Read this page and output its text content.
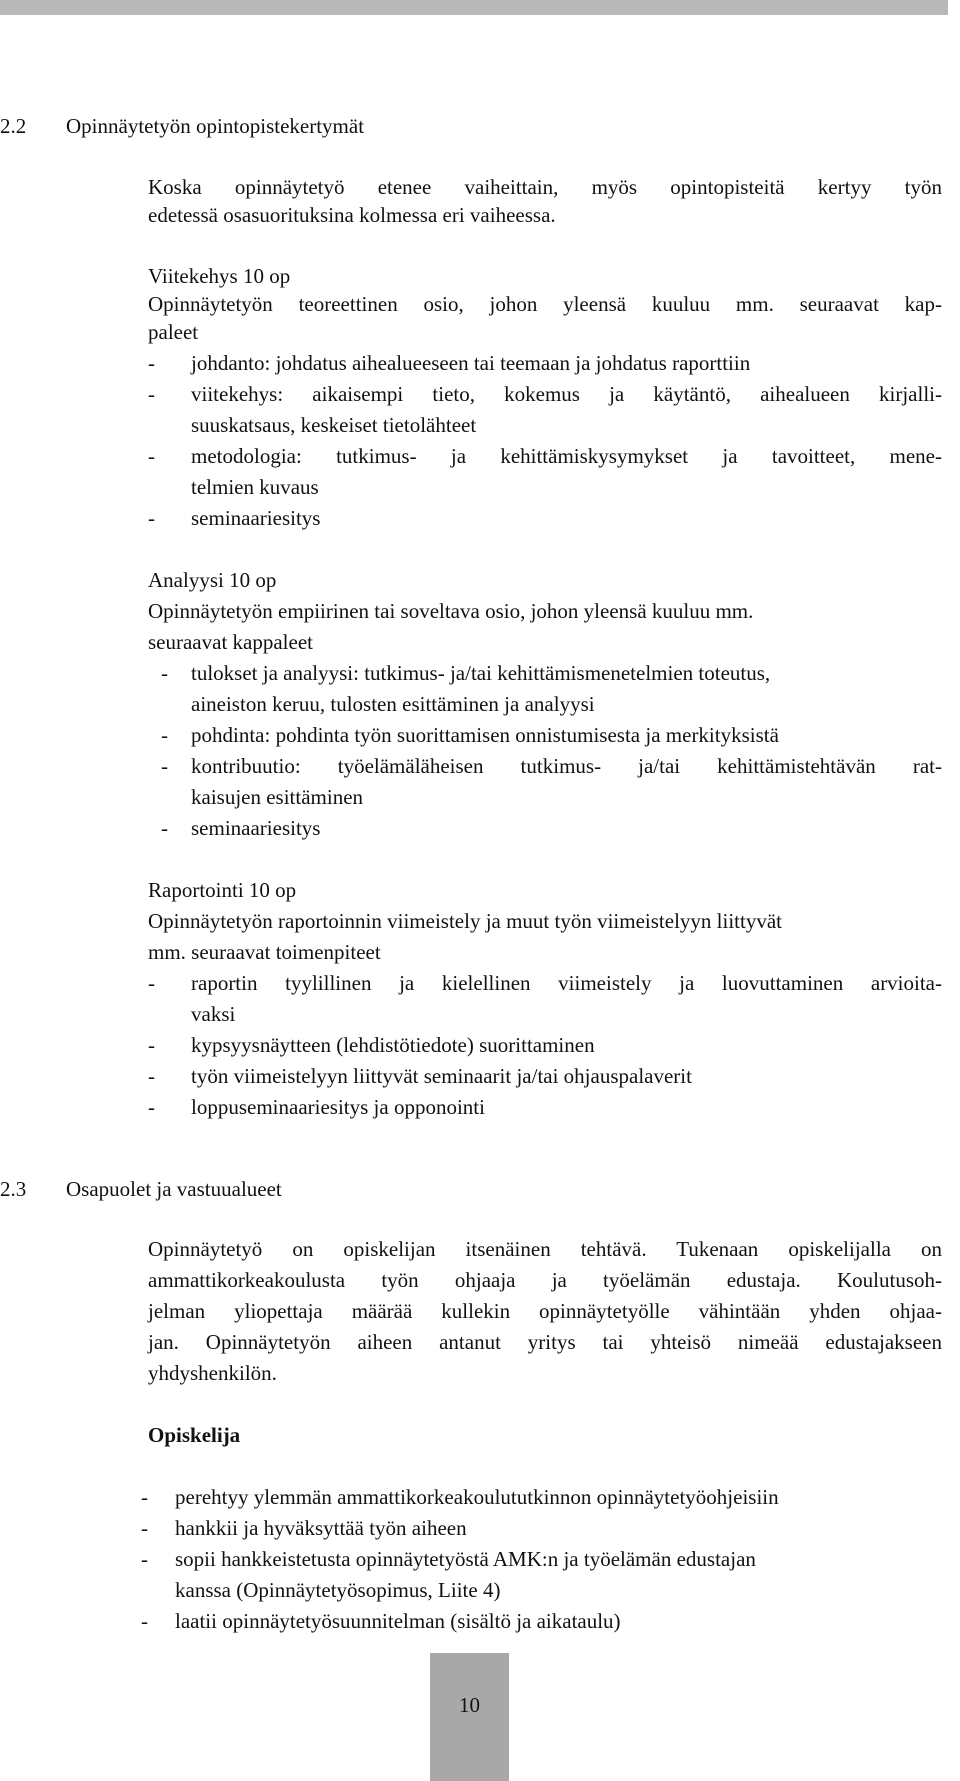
2.2 Opinnäytetyön opintopistekertymät
Koska opinnäytetyö etenee vaiheittain, myös opintopisteitä kertyy työn
edetessä osasuorituksina kolmessa eri vaiheessa.
Viitekehys 10 op
Opinnäytetyön teoreettinen osio, johon yleensä kuuluu mm. seuraavat kap-
paleet
- johdanto: johdatus aihealueeseen tai teemaan ja johdatus raporttiin
- viitekehys: aikaisempi tieto, kokemus ja käytäntö, aihealueen kirjalli-
suuskatsaus, keskeiset tietolähteet
- metodologia: tutkimus- ja kehittämiskysymykset ja tavoitteet, mene-
telmien kuvaus
- seminaariesitys
Analyysi 10 op
Opinnäytetyön empiirinen tai soveltava osio, johon yleensä kuuluu mm.
seuraavat kappaleet
- tulokset ja analyysi: tutkimus- ja/tai kehittämismenetelmien toteutus,
aineiston keruu, tulosten esittäminen ja analyysi
- pohdinta: pohdinta työn suorittamisen onnistumisesta ja merkityksistä
- kontribuutio: työelämäläheisen tutkimus- ja/tai kehittämistehtävän rat-
kaisujen esittäminen
- seminaariesitys
Raportointi 10 op
Opinnäytetyön raportoinnin viimeistely ja muut työn viimeistelyyn liittyvät
mm. seuraavat toimenpiteet
- raportin tyylillinen ja kielellinen viimeistely ja luovuttaminen arvioita-
vaksi
- kypsyysnäytteen (lehdistötiedote) suorittaminen
- työn viimeistelyyn liittyvät seminaarit ja/tai ohjauspalaverit
- loppuseminaariesitys ja opponointi
2.3 Osapuolet ja vastuualueet
Opinnäytetyö on opiskelijan itsenäinen tehtävä. Tukenaan opiskelijalla on
ammattikorkeakoulusta työn ohjaaja ja työelämän edustaja. Koulutusoh-
jelman yliopettaja määrää kullekin opinnäytetyölle vähintään yhden ohjaa-
jan. Opinnäytetyön aiheen antanut yritys tai yhteisö nimeää edustajakseen
yhdyshenkilön.
Opiskelija
- perehtyy ylemmän ammattikorkeakoulututkinnon opinnäytetyöohjeisiin
- hankkii ja hyväksyttää työn aiheen
- sopii hankkeistetusta opinnäytetyöstä AMK:n ja työelämän edustajan
kanssa (Opinnäytetyösopimus, Liite 4)
- laatii opinnäytetyösuunnitelman (sisältö ja aikataulu)
10
